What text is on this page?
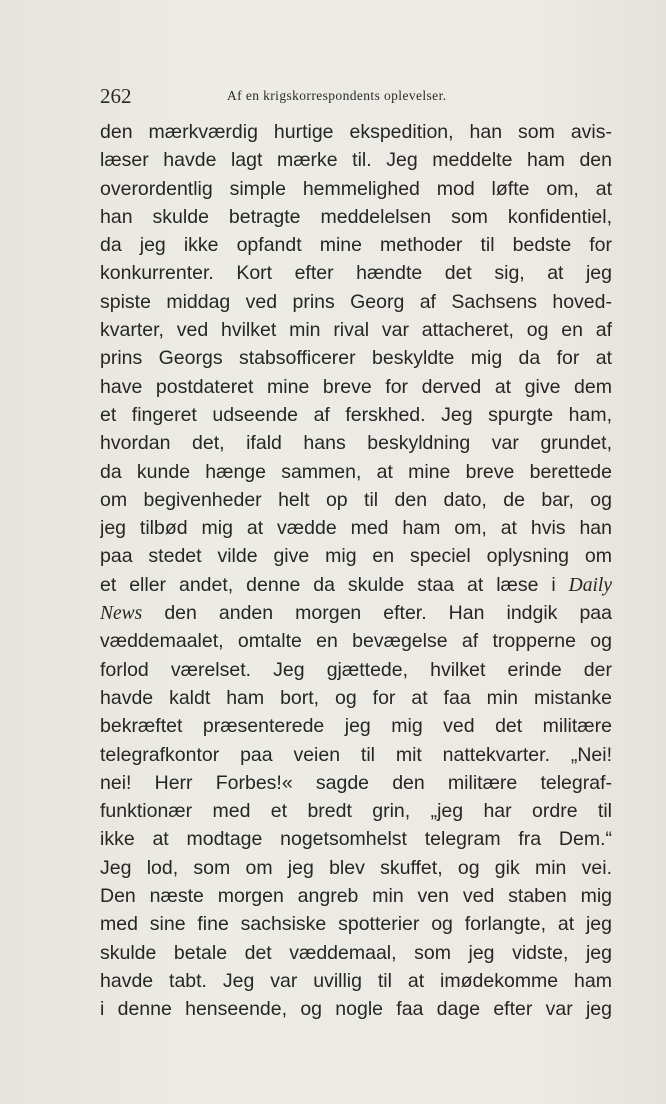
262	Af en krigskorrespondents oplevelser.
den mærkværdig hurtige ekspedition, han som avis-
læser havde lagt mærke til. Jeg meddelte ham den
overordentlig simple hemmelighed mod løfte om, at
han skulde betragte meddelelsen som konfidentiel,
da jeg ikke opfandt mine methoder til bedste for
konkurrenter. Kort efter hændte det sig, at jeg
spiste middag ved prins Georg af Sachsens hoved-
kvarter, ved hvilket min rival var attacheret, og en af
prins Georgs stabsofficerer beskyldte mig da for at
have postdateret mine breve for derved at give dem
et fingeret udseende af ferskhed. Jeg spurgte ham,
hvordan det, ifald hans beskyldning var grundet,
da kunde hænge sammen, at mine breve berettede
om begivenheder helt op til den dato, de bar, og
jeg tilbød mig at vædde med ham om, at hvis han
paa stedet vilde give mig en speciel oplysning om
et eller andet, denne da skulde staa at læse i Daily
News den anden morgen efter. Han indgik paa
væddemaalet, omtalte en bevægelse af tropperne og
forlod værelset. Jeg gjættede, hvilket erinde der
havde kaldt ham bort, og for at faa min mistanke
bekræftet præsenterede jeg mig ved det militære
telegrafkontor paa veien til mit nattekvarter. „Nei!
nei! Herr Forbes!« sagde den militære telegraf-
funktionær med et bredt grin, „jeg har ordre til
ikke at modtage nogetsomhelst telegram fra Dem.“
Jeg lod, som om jeg blev skuffet, og gik min vei.
Den næste morgen angreb min ven ved staben mig
med sine fine sachsiske spotterier og forlangte, at jeg
skulde betale det væddemaal, som jeg vidste, jeg
havde tabt. Jeg var uvillig til at imødekomme ham
i denne henseende, og nogle faa dage efter var jeg
